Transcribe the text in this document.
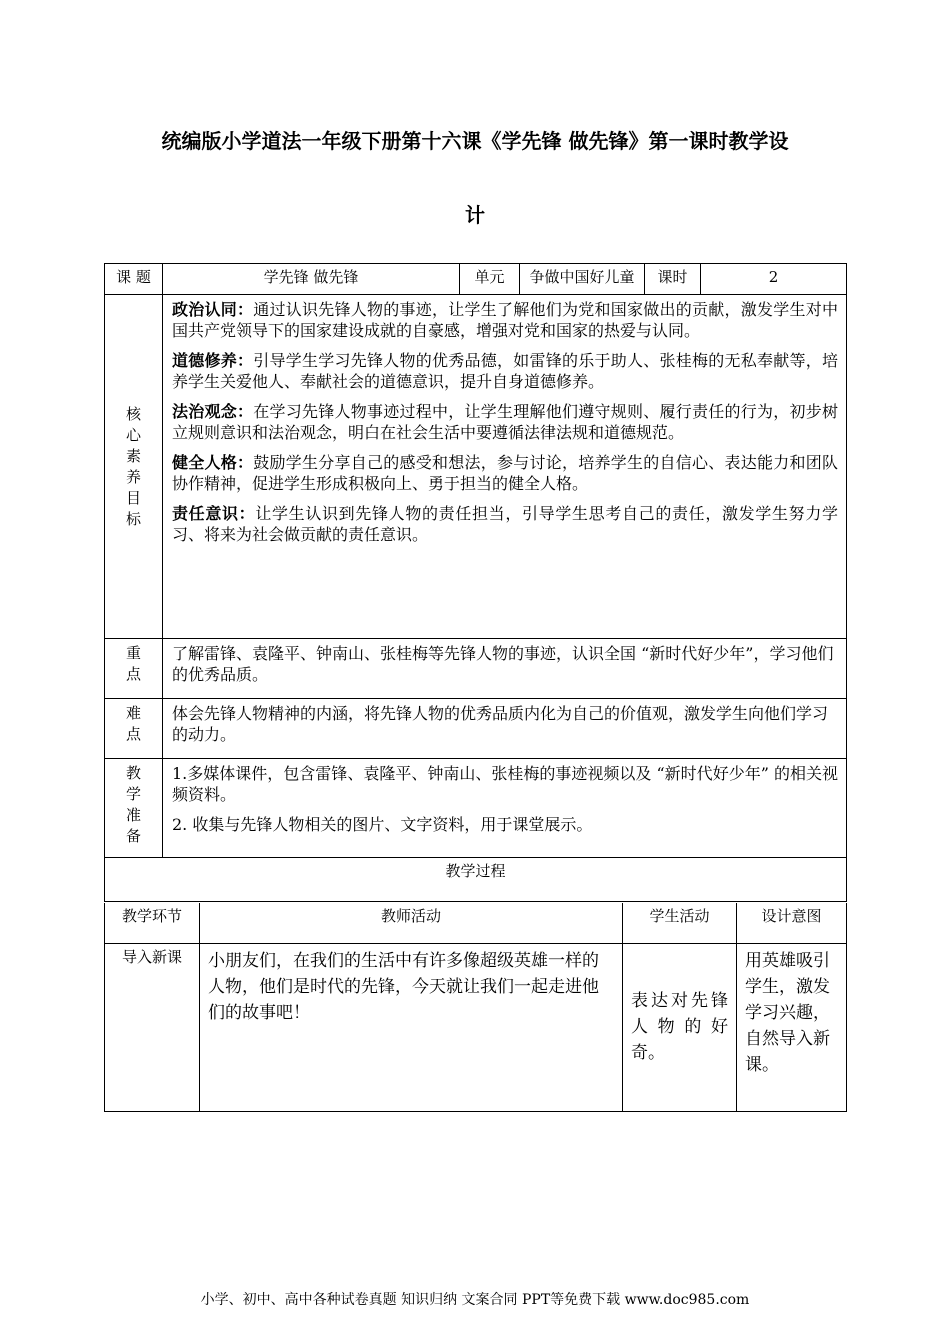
统编版小学道法一年级下册第十六课《学先锋 做先锋》第一课时教学设
计
课 题	学先锋 做先锋	单元	争做中国好儿童	课时	2
核 心 素 养 目 标	政治认同：通过认识先锋人物的事迹，让学生了解他们为党和国家做出的贡献，激发学生对中国共产党领导下的国家建设成就的自豪感，增强对党和国家的热爱与认同。

道德修养：引导学生学习先锋人物的优秀品德，如雷锋的乐于助人、张桂梅的无私奉献等，培养学生关爱他人、奉献社会的道德意识，提升自身道德修养。

法治观念：在学习先锋人物事迹过程中，让学生理解他们遵守规则、履行责任的行为，初步树立规则意识和法治观念，明白在社会生活中要遵循法律法规和道德规范。

健全人格：鼓励学生分享自己的感受和想法，参与讨论，培养学生的自信心、表达能力和团队协作精神，促进学生形成积极向上、勇于担当的健全人格。

责任意识：让学生认识到先锋人物的责任担当，引导学生思考自己的责任，激发学生努力学习、将来为社会做贡献的责任意识。				

重 点	了解雷锋、袁隆平、钟南山、张桂梅等先锋人物的事迹，认识全国 “新时代好少年”，学习他们的优秀品质。				
难 点	体会先锋人物精神的内涵，将先锋人物的优秀品质内化为自己的价值观，激发学生向他们学习的动力。				
教 学 准 备	1.多媒体课件，包含雷锋、袁隆平、钟南山、张桂梅的事迹视频以及 “新时代好少年” 的相关视频资料。

2. 收集与先锋人物相关的图片、文字资料，用于课堂展示。				

教学过程					
教学环节	教师活动	学生活动	设计意图
导入新课	小朋友们，在我们的生活中有许多像超级英雄一样的人物，他们是时代的先锋，今天就让我们一起走进他们的故事吧！	表达对先锋人物的好奇。	用英雄吸引学生，激发学习兴趣，自然导入新课。
小学、初中、高中各种试卷真题 知识归纳 文案合同 PPT等免费下载 www.doc985.com
